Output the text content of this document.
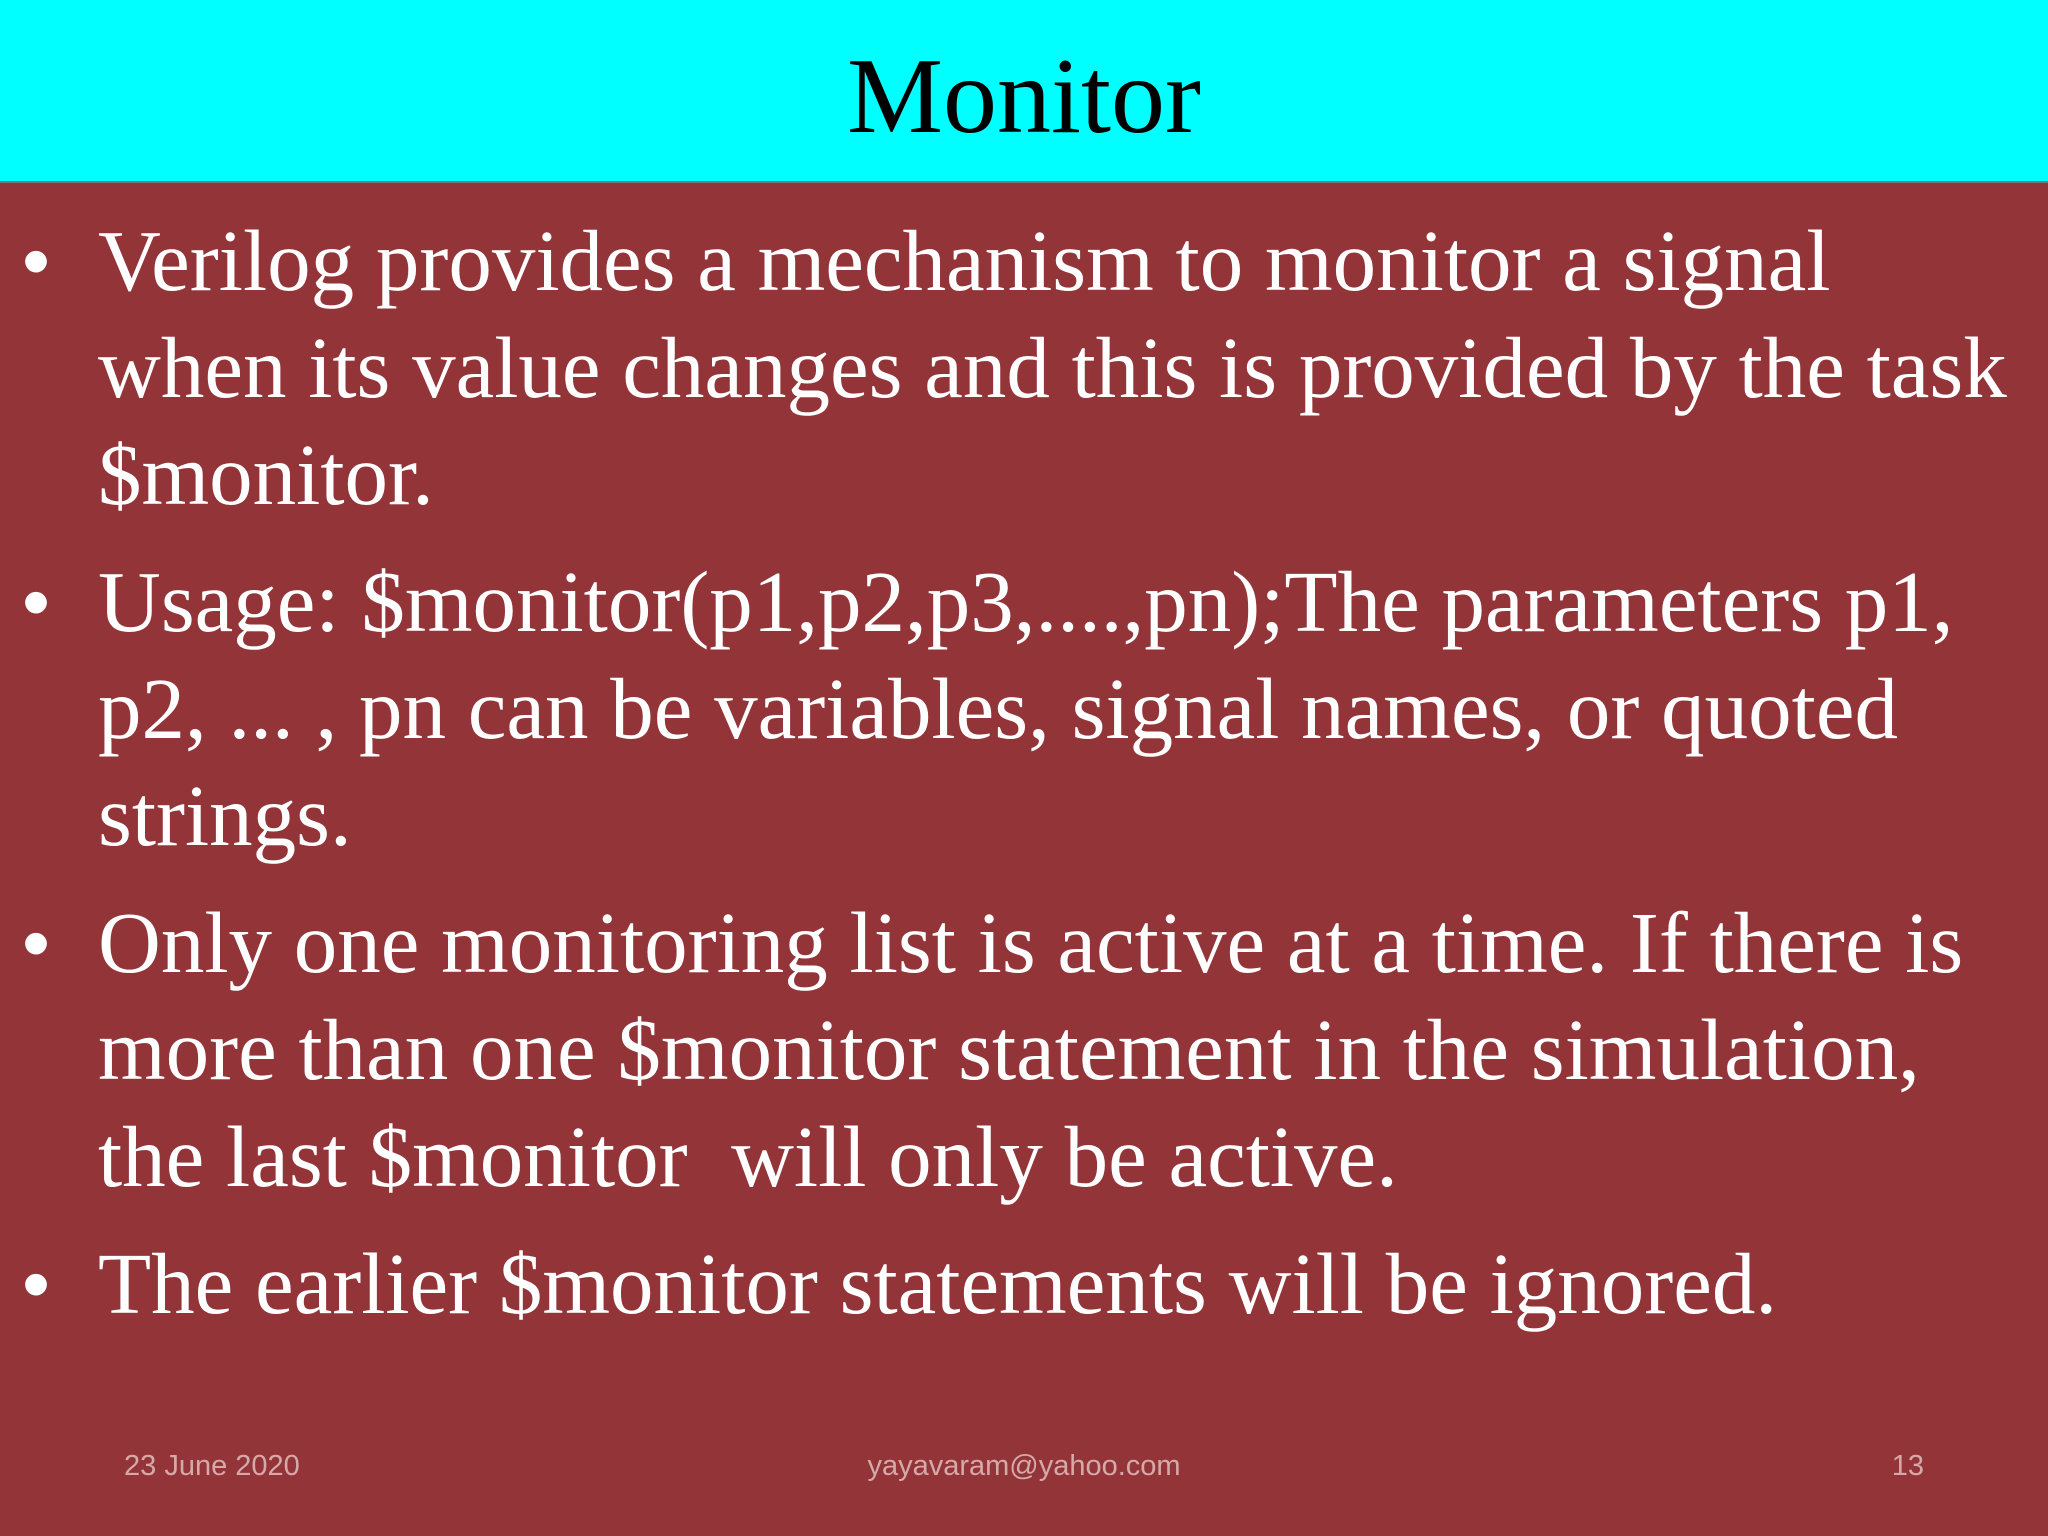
Monitor
• Verilog provides a mechanism to monitor a signal when its value changes and this is provided by the task $monitor.
• Usage: $monitor(p1,p2,p3,....,pn);The parameters p1, p2, ... , pn can be variables, signal names, or quoted strings.
• Only one monitoring list is active at a time. If there is more than one $monitor statement in the simulation, the last $monitor  will only be active.
• The earlier $monitor statements will be ignored.
23 June 2020	yayavaram@yahoo.com	13
